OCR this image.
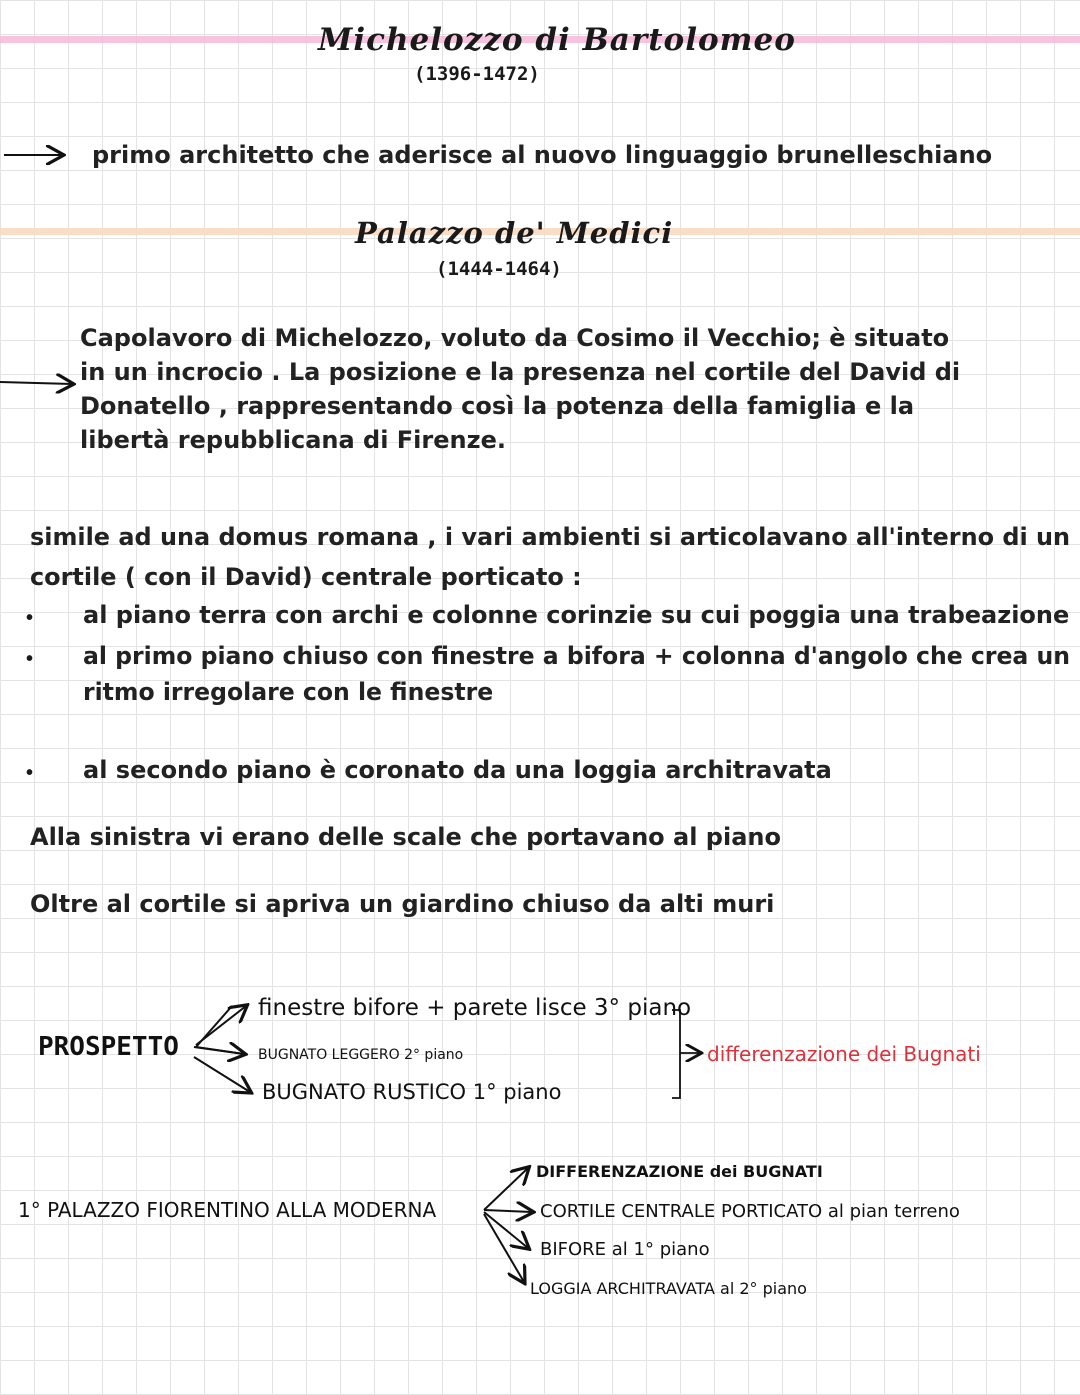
Michelozzo di Bartolomeo
(1396-1472)
primo architetto che aderisce al nuovo linguaggio brunelleschiano
Palazzo de' Medici
(1444-1464)
Capolavoro di Michelozzo, voluto da Cosimo il Vecchio; è situato
in un incrocio . La posizione e la presenza nel cortile del David di
Donatello , rappresentando così la potenza della famiglia e la
libertà repubblicana di Firenze.
simile ad una domus romana , i vari ambienti si articolavano all'interno di un
cortile ( con il David) centrale porticato :
• al piano terra con archi e colonne corinzie su cui poggia una trabeazione
• al primo piano chiuso con finestre a bifora + colonna d'angolo che crea un
ritmo irregolare con le finestre
• al secondo piano è coronato da una loggia architravata
Alla sinistra vi erano delle scale che portavano al piano
Oltre al cortile si apriva un giardino chiuso da alti muri
PROSPETTO
finestre bifore + parete lisce 3° piano
BUGNATO LEGGERO 2° piano
BUGNATO RUSTICO 1° piano
differenzazione dei Bugnati
1° PALAZZO FIORENTINO ALLA MODERNA
DIFFERENZAZIONE dei BUGNATI
CORTILE CENTRALE PORTICATO al pian terreno
BIFORE al 1° piano
LOGGIA ARCHITRAVATA al 2° piano
